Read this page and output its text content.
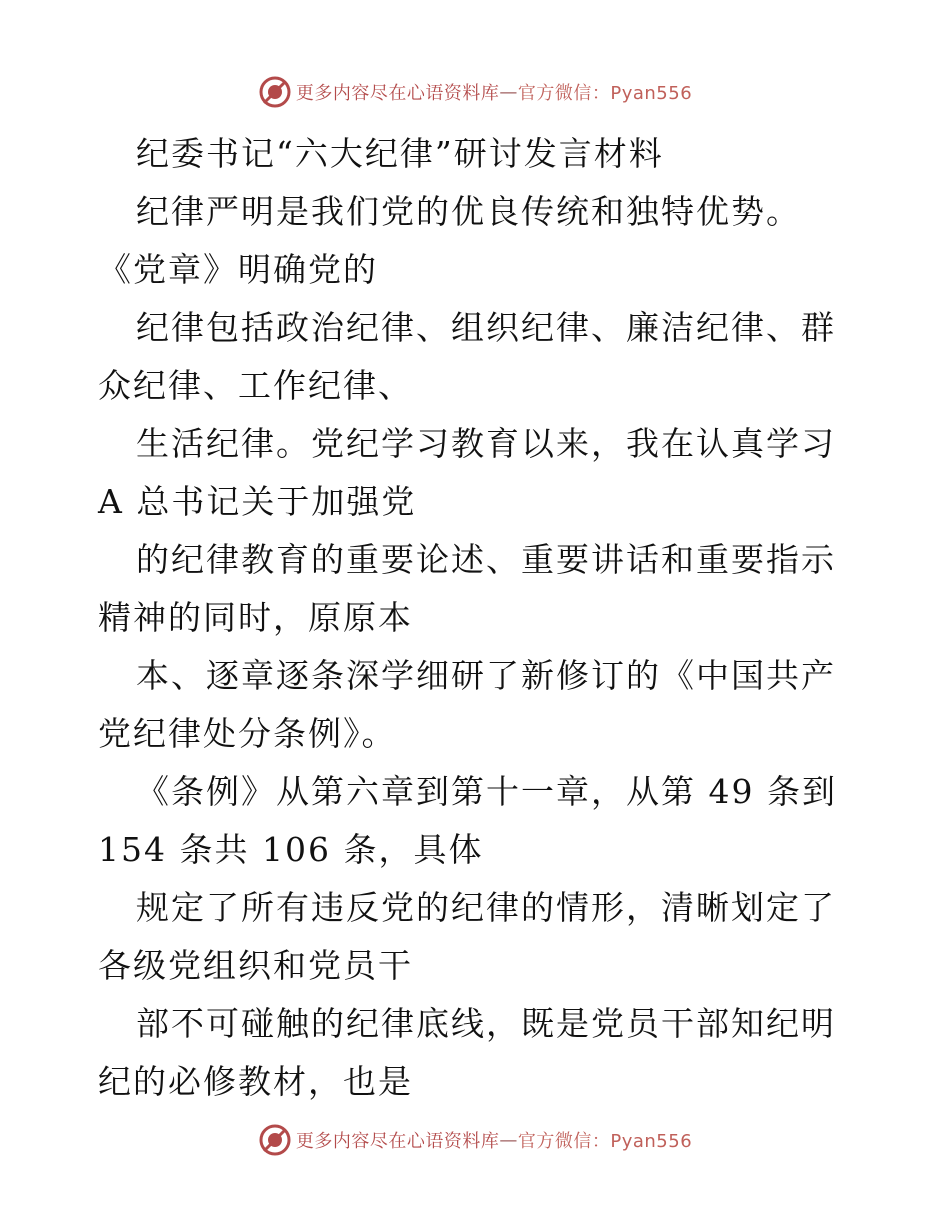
更多内容尽在心语资料库 — 官方微信：Pyan556

纪委书记“六大纪律”研讨发言材料

纪律严明是我们党的优良传统和独特优势。《党章》明确党的

纪律包括政治纪律、组织纪律、廉洁纪律、群众纪律、工作纪律、

生活纪律。党纪学习教育以来，我在认真学习 A 总书记关于加强党

的纪律教育的重要论述、重要讲话和重要指示精神的同时，原原本

本、逐章逐条深学细研了新修订的《中国共产党纪律处分条例》。

《条例》从第六章到第十一章，从第 49 条到 154 条共 106 条，具体

规定了所有违反党的纪律的情形，清晰划定了各级党组织和党员干

部不可碰触的纪律底线，既是党员干部知纪明纪的必修教材，也是

更多内容尽在心语资料库 — 官方微信：Pyan556
